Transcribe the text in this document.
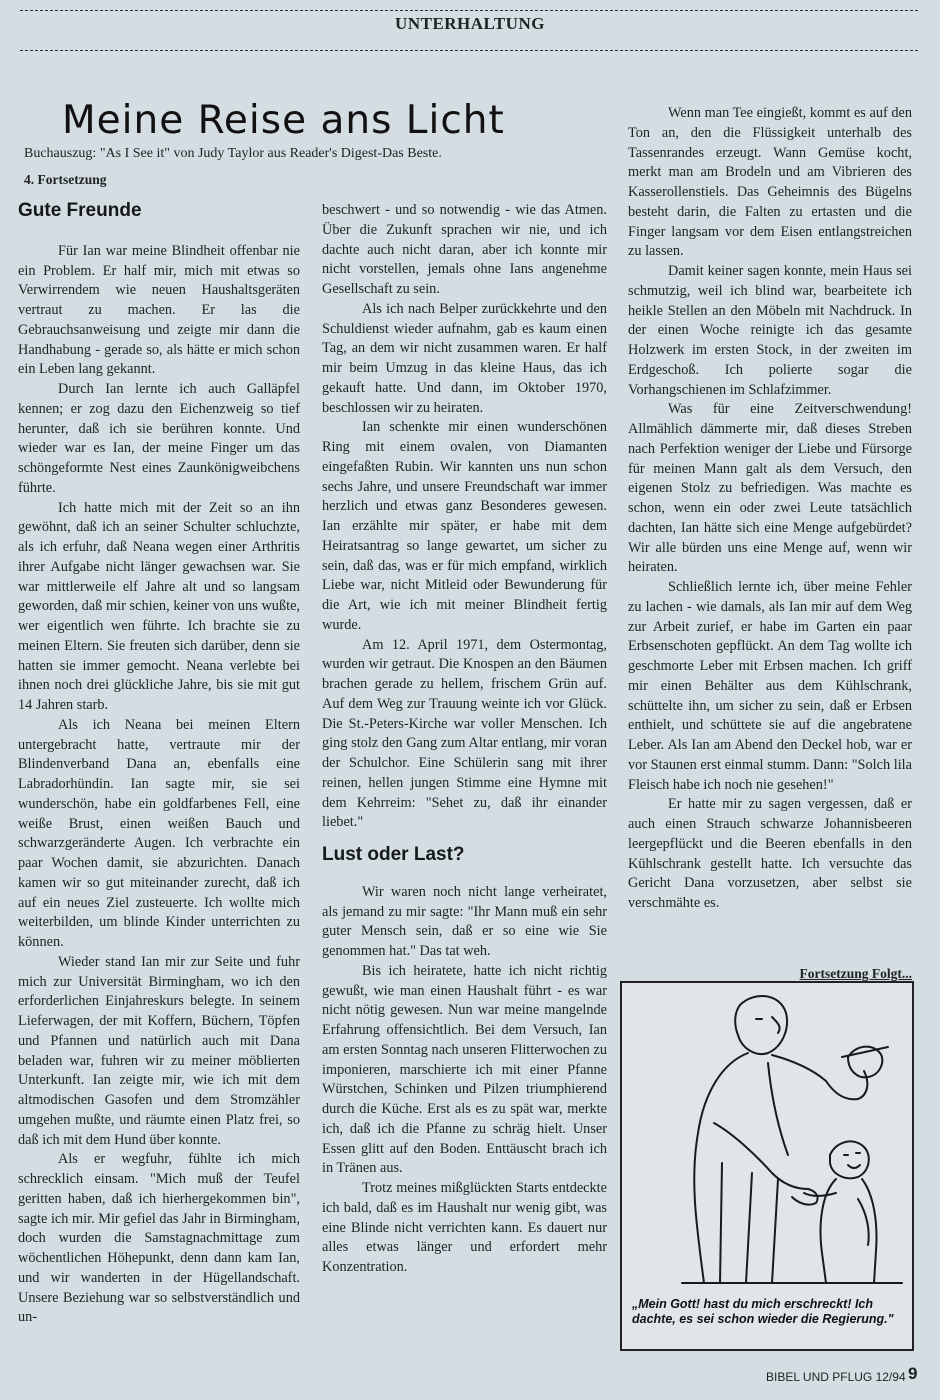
UNTERHALTUNG
Meine Reise ans Licht
Buchauszug: "As I See it" von Judy Taylor aus Reader's Digest-Das Beste.
4. Fortsetzung
Gute Freunde

Für Ian war meine Blindheit offenbar nie ein Problem. Er half mir, mich mit etwas so Verwirrendem wie neuen Haushaltsgeräten vertraut zu machen. Er las die Gebrauchsanweisung und zeigte mir dann die Handhabung - gerade so, als hätte er mich schon ein Leben lang gekannt.

Durch Ian lernte ich auch Galläpfel kennen; er zog dazu den Eichenzweig so tief herunter, daß ich sie berühren konnte. Und wieder war es Ian, der meine Finger um das schöngeformte Nest eines Zaunkönigweibchens führte.

Ich hatte mich mit der Zeit so an ihn gewöhnt, daß ich an seiner Schulter schluchzte, als ich erfuhr, daß Neana wegen einer Arthritis ihrer Aufgabe nicht länger gewachsen war. Sie war mittlerweile elf Jahre alt und so langsam geworden, daß mir schien, keiner von uns wußte, wer eigentlich wen führte. Ich brachte sie zu meinen Eltern. Sie freuten sich darüber, denn sie hatten sie immer gemocht. Neana verlebte bei ihnen noch drei glückliche Jahre, bis sie mit gut 14 Jahren starb.

Als ich Neana bei meinen Eltern untergebracht hatte, vertraute mir der Blindenverband Dana an, ebenfalls eine Labradorhündin. Ian sagte mir, sie sei wunderschön, habe ein goldfarbenes Fell, eine weiße Brust, einen weißen Bauch und schwarzgeränderte Augen. Ich verbrachte ein paar Wochen damit, sie abzurichten. Danach kamen wir so gut miteinander zurecht, daß ich auf ein neues Ziel zusteuerte. Ich wollte mich weiterbilden, um blinde Kinder unterrichten zu können.

Wieder stand Ian mir zur Seite und fuhr mich zur Universität Birmingham, wo ich den erforderlichen Einjahreskurs belegte. In seinem Lieferwagen, der mit Koffern, Büchern, Töpfen und Pfannen und natürlich auch mit Dana beladen war, fuhren wir zu meiner möblierten Unterkunft. Ian zeigte mir, wie ich mit dem altmodischen Gasofen und dem Stromzähler umgehen mußte, und räumte einen Platz frei, so daß ich mit dem Hund über konnte.

Als er wegfuhr, fühlte ich mich schrecklich einsam. "Mich muß der Teufel geritten haben, daß ich hierhergekommen bin", sagte ich mir. Mir gefiel das Jahr in Birmingham, doch wurden die Samstagnachmittage zum wöchentlichen Höhepunkt, denn dann kam Ian, und wir wanderten in der Hügellandschaft. Unsere Beziehung war so selbstverständlich und un-

beschwert - und so notwendig - wie das Atmen. Über die Zukunft sprachen wir nie, und ich dachte auch nicht daran, aber ich konnte mir nicht vorstellen, jemals ohne Ians angenehme Gesellschaft zu sein.

Als ich nach Belper zurückkehrte und den Schuldienst wieder aufnahm, gab es kaum einen Tag, an dem wir nicht zusammen waren. Er half mir beim Umzug in das kleine Haus, das ich gekauft hatte. Und dann, im Oktober 1970, beschlossen wir zu heiraten.

Ian schenkte mir einen wunderschönen Ring mit einem ovalen, von Diamanten eingefaßten Rubin. Wir kannten uns nun schon sechs Jahre, und unsere Freundschaft war immer herzlich und etwas ganz Besonderes gewesen. Ian erzählte mir später, er habe mit dem Heiratsantrag so lange gewartet, um sicher zu sein, daß das, was er für mich empfand, wirklich Liebe war, nicht Mitleid oder Bewunderung für die Art, wie ich mit meiner Blindheit fertig wurde.

Am 12. April 1971, dem Ostermontag, wurden wir getraut. Die Knospen an den Bäumen brachen gerade zu hellem, frischem Grün auf. Auf dem Weg zur Trauung weinte ich vor Glück. Die St.-Peters-Kirche war voller Menschen. Ich ging stolz den Gang zum Altar entlang, mir voran der Schulchor. Eine Schülerin sang mit ihrer reinen, hellen jungen Stimme eine Hymne mit dem Kehrreim: "Sehet zu, daß ihr einander liebet."

Lust oder Last?

Wir waren noch nicht lange verheiratet, als jemand zu mir sagte: "Ihr Mann muß ein sehr guter Mensch sein, daß er so eine wie Sie genommen hat." Das tat weh.

Bis ich heiratete, hatte ich nicht richtig gewußt, wie man einen Haushalt führt - es war nicht nötig gewesen. Nun war meine mangelnde Erfahrung offensichtlich. Bei dem Versuch, Ian am ersten Sonntag nach unseren Flitterwochen zu imponieren, marschierte ich mit einer Pfanne Würstchen, Schinken und Pilzen triumphierend durch die Küche. Erst als es zu spät war, merkte ich, daß ich die Pfanne zu schräg hielt. Unser Essen glitt auf den Boden. Enttäuscht brach ich in Tränen aus.

Trotz meines mißglückten Starts entdeckte ich bald, daß es im Haushalt nur wenig gibt, was eine Blinde nicht verrichten kann. Es dauert nur alles etwas länger und erfordert mehr Konzentration.

Wenn man Tee eingießt, kommt es auf den Ton an, den die Flüssigkeit unterhalb des Tassenrandes erzeugt. Wann Gemüse kocht, merkt man am Brodeln und am Vibrieren des Kasserollenstiels. Das Geheimnis des Bügelns besteht darin, die Falten zu ertasten und die Finger langsam vor dem Eisen entlangstreichen zu lassen.

Damit keiner sagen konnte, mein Haus sei schmutzig, weil ich blind war, bearbeitete ich heikle Stellen an den Möbeln mit Nachdruck. In der einen Woche reinigte ich das gesamte Holzwerk im ersten Stock, in der zweiten im Erdgeschoß. Ich polierte sogar die Vorhangschienen im Schlafzimmer.

Was für eine Zeitverschwendung! Allmählich dämmerte mir, daß dieses Streben nach Perfektion weniger der Liebe und Fürsorge für meinen Mann galt als dem Versuch, den eigenen Stolz zu befriedigen. Was machte es schon, wenn ein oder zwei Leute tatsächlich dachten, Ian hätte sich eine Menge aufgebürdet? Wir alle bürden uns eine Menge auf, wenn wir heiraten.

Schließlich lernte ich, über meine Fehler zu lachen - wie damals, als Ian mir auf dem Weg zur Arbeit zurief, er habe im Garten ein paar Erbsenschoten gepflückt. An dem Tag wollte ich geschmorte Leber mit Erbsen machen. Ich griff mir einen Behälter aus dem Kühlschrank, schüttelte ihn, um sicher zu sein, daß er Erbsen enthielt, und schüttete sie auf die angebratene Leber. Als Ian am Abend den Deckel hob, war er vor Staunen erst einmal stumm. Dann: "Solch lila Fleisch habe ich noch nie gesehen!"

Er hatte mir zu sagen vergessen, daß er auch einen Strauch schwarze Johannisbeeren leergepflückt und die Beeren ebenfalls in den Kühlschrank gestellt hatte. Ich versuchte das Gericht Dana vorzusetzen, aber selbst sie verschmähte es.

Fortsetzung Folgt...
„Mein Gott! hast du mich erschreckt! Ich dachte, es sei schon wieder die Regierung."
BIBEL UND PFLUG 12/94 9
